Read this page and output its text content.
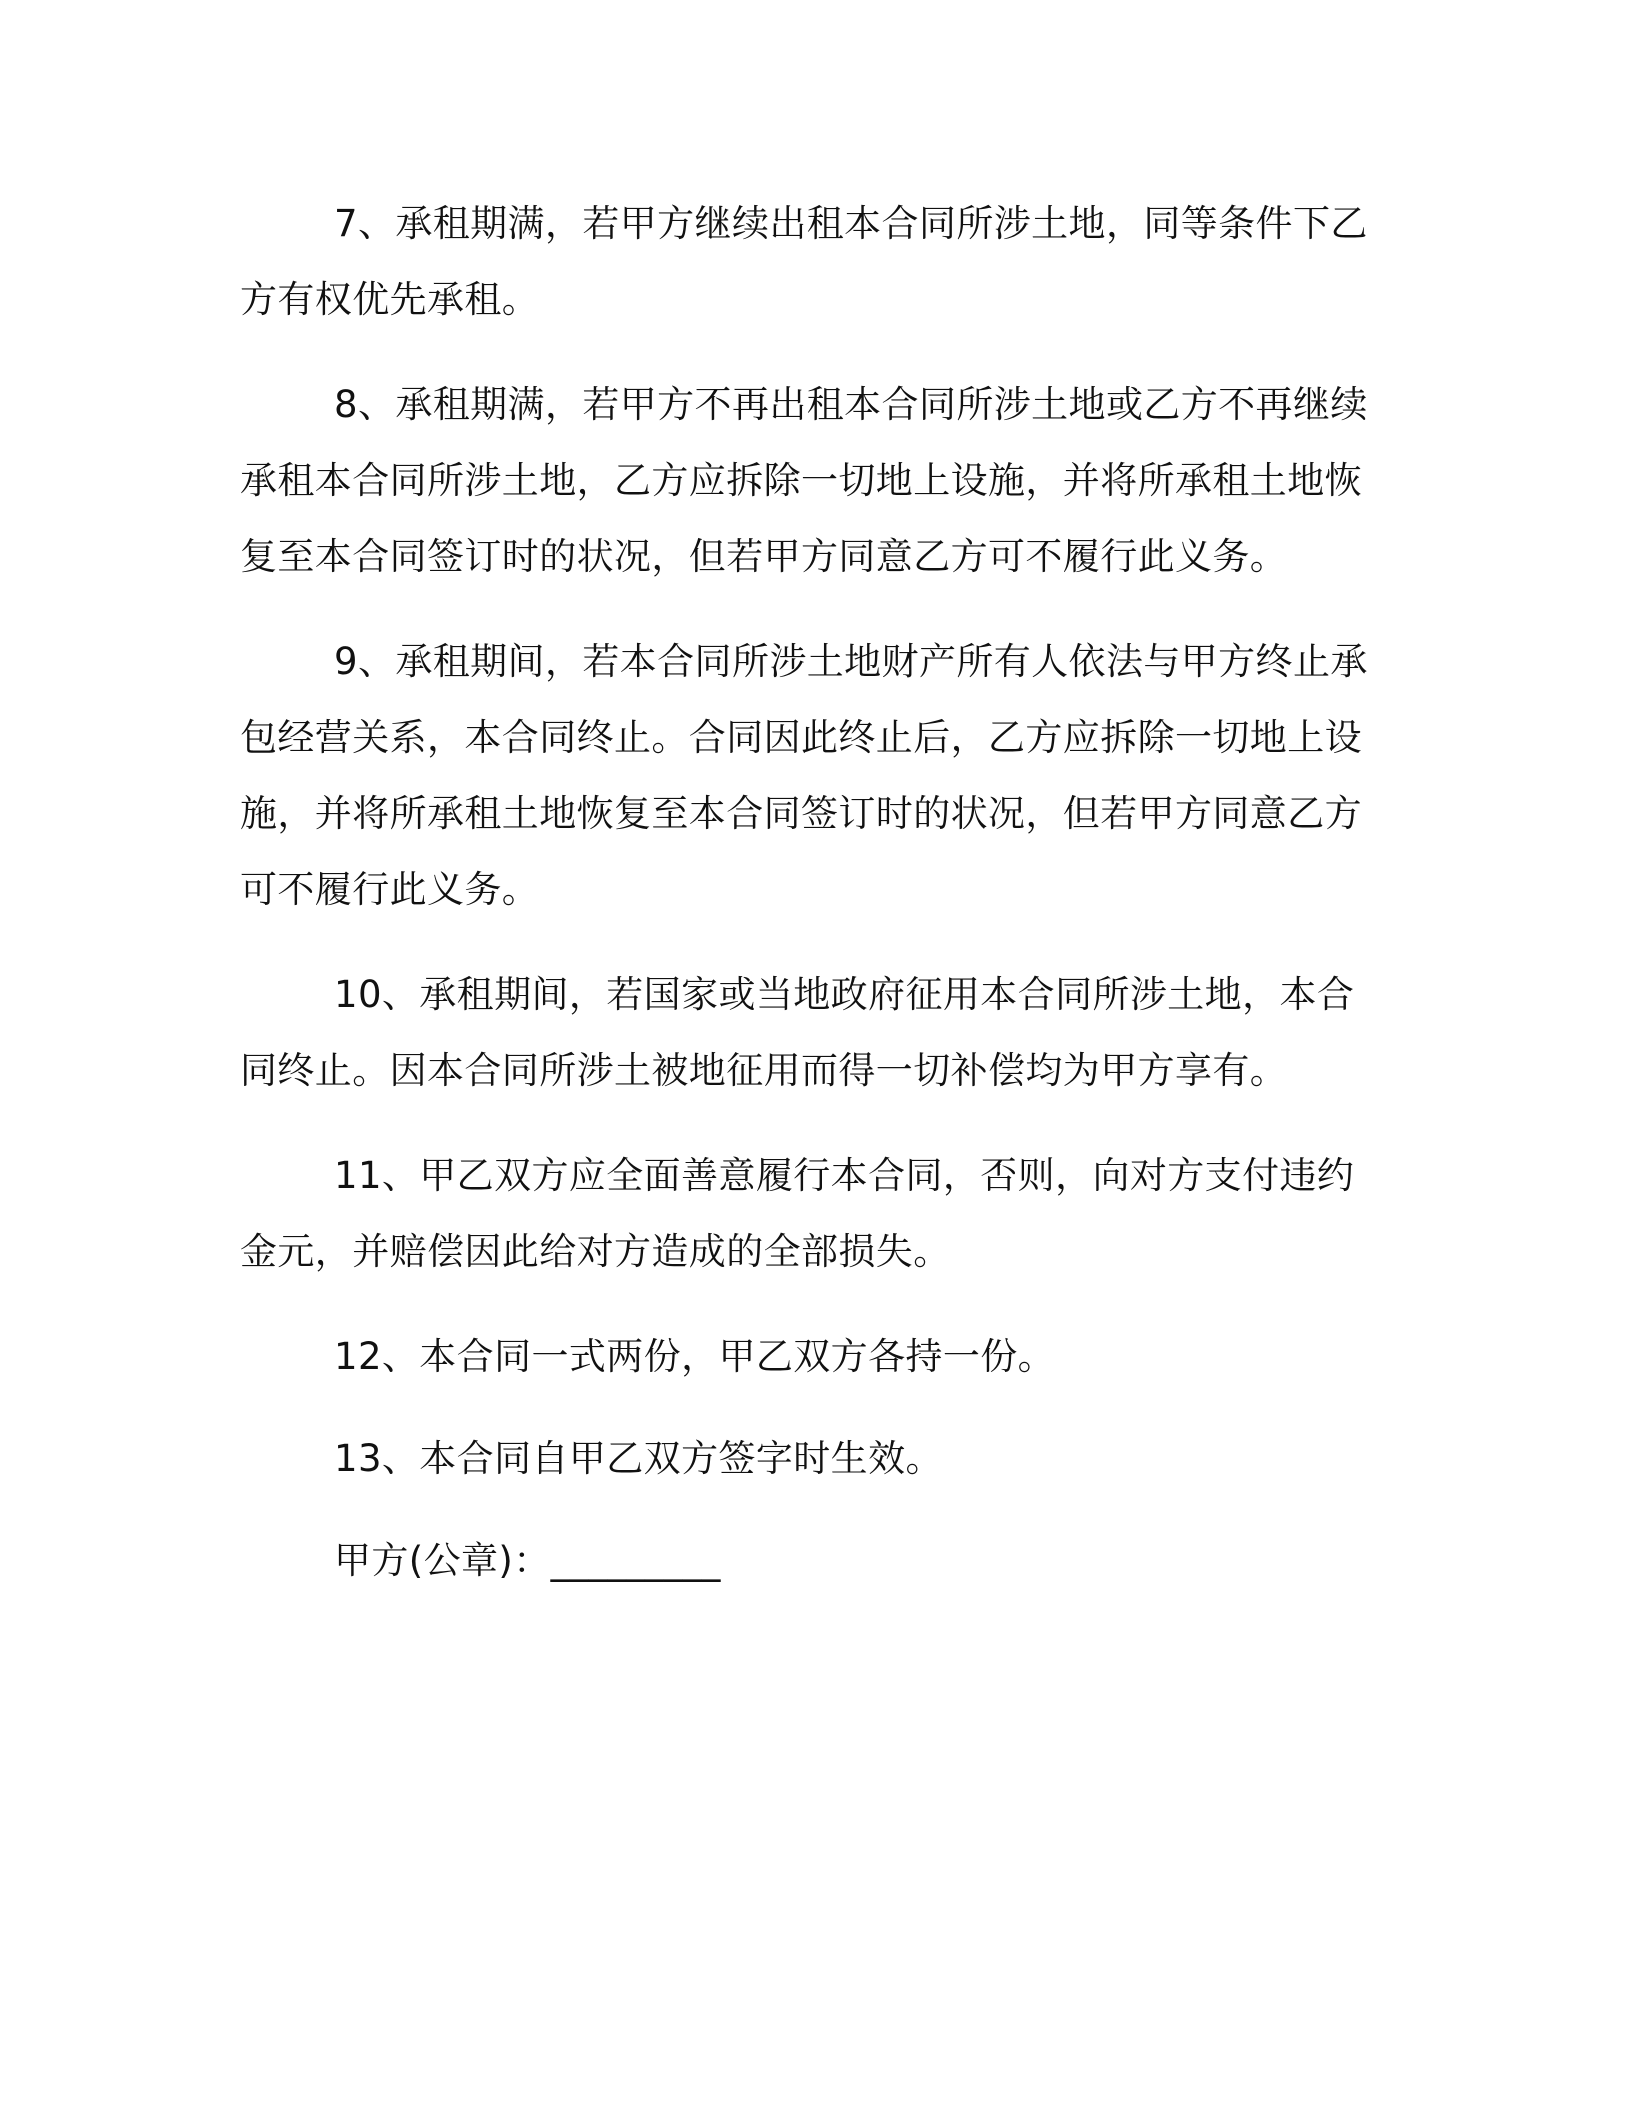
7、承租期满，若甲方继续出租本合同所涉土地，同等条件下乙方有权优先承租。

8、承租期满，若甲方不再出租本合同所涉土地或乙方不再继续承租本合同所涉土地，乙方应拆除一切地上设施，并将所承租土地恢复至本合同签订时的状况，但若甲方同意乙方可不履行此义务。

9、承租期间，若本合同所涉土地财产所有人依法与甲方终止承包经营关系，本合同终止。合同因此终止后，乙方应拆除一切地上设施，并将所承租土地恢复至本合同签订时的状况，但若甲方同意乙方可不履行此义务。

10、承租期间，若国家或当地政府征用本合同所涉土地，本合同终止。因本合同所涉土被地征用而得一切补偿均为甲方享有。

11、甲乙双方应全面善意履行本合同，否则，向对方支付违约金元，并赔偿因此给对方造成的全部损失。

12、本合同一式两份，甲乙双方各持一份。

13、本合同自甲乙双方签字时生效。

甲方(公章)：_________
